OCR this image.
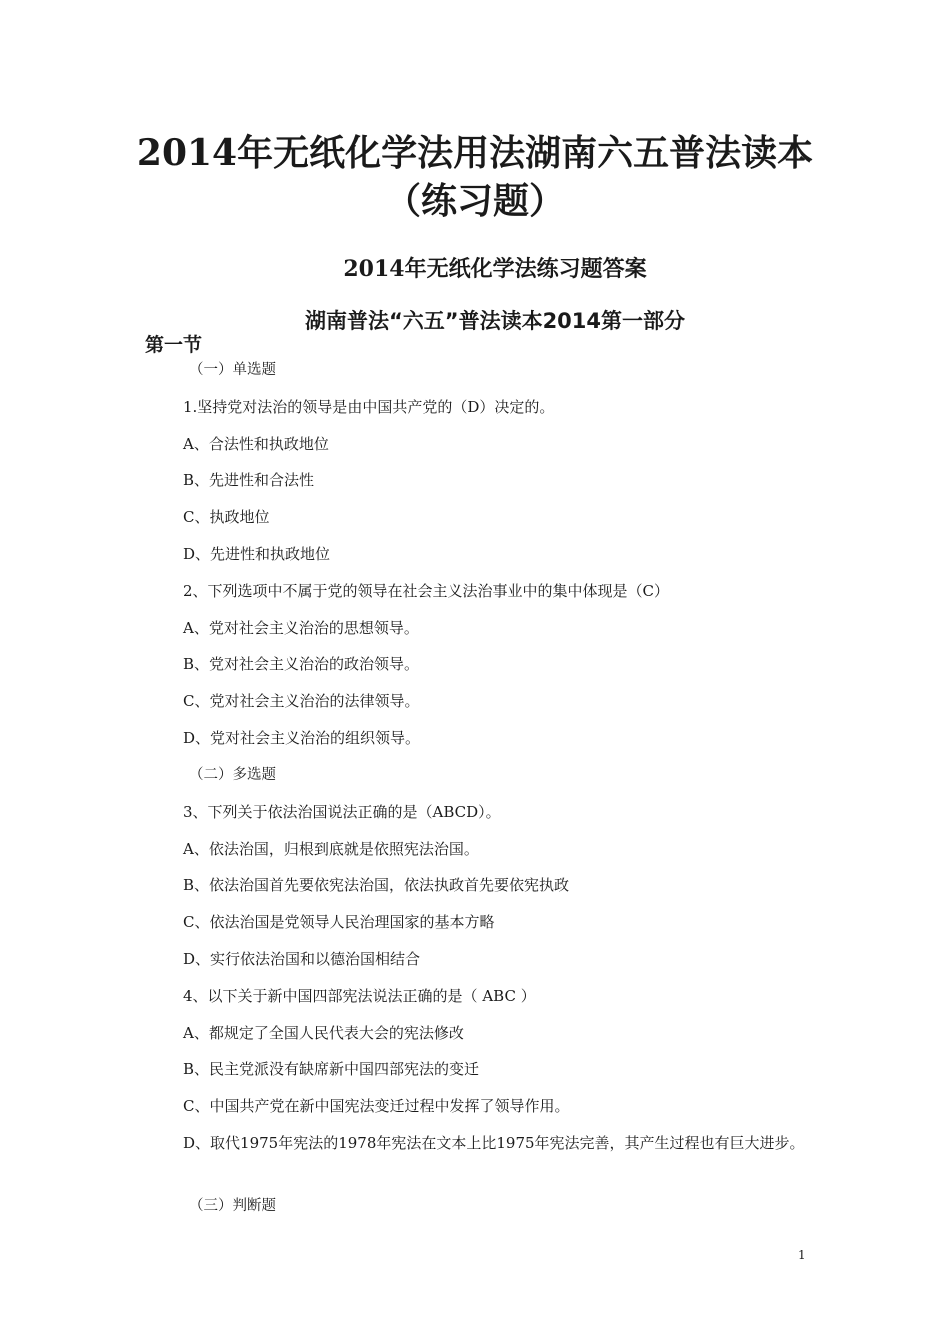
2014年无纸化学法用法湖南六五普法读本
（练习题）
2014年无纸化学法练习题答案
湖南普法“六五”普法读本2014第一部分
第一节
（一）单选题
1.坚持党对法治的领导是由中国共产党的（D）决定的。
A、合法性和执政地位
B、先进性和合法性
C、执政地位
D、先进性和执政地位
2、下列选项中不属于党的领导在社会主义法治事业中的集中体现是（C）
A、党对社会主义治治的思想领导。
B、党对社会主义治治的政治领导。
C、党对社会主义治治的法律领导。
D、党对社会主义治治的组织领导。
（二）多选题
3、下列关于依法治国说法正确的是（ABCD）。
A、依法治国，归根到底就是依照宪法治国。
B、依法治国首先要依宪法治国，依法执政首先要依宪执政
C、依法治国是党领导人民治理国家的基本方略
D、实行依法治国和以德治国相结合
4、以下关于新中国四部宪法说法正确的是（ ABC ）
A、都规定了全国人民代表大会的宪法修改
B、民主党派没有缺席新中国四部宪法的变迁
C、中国共产党在新中国宪法变迁过程中发挥了领导作用。
D、取代1975年宪法的1978年宪法在文本上比1975年宪法完善，其产生过程也有巨大进步。
（三）判断题
1
